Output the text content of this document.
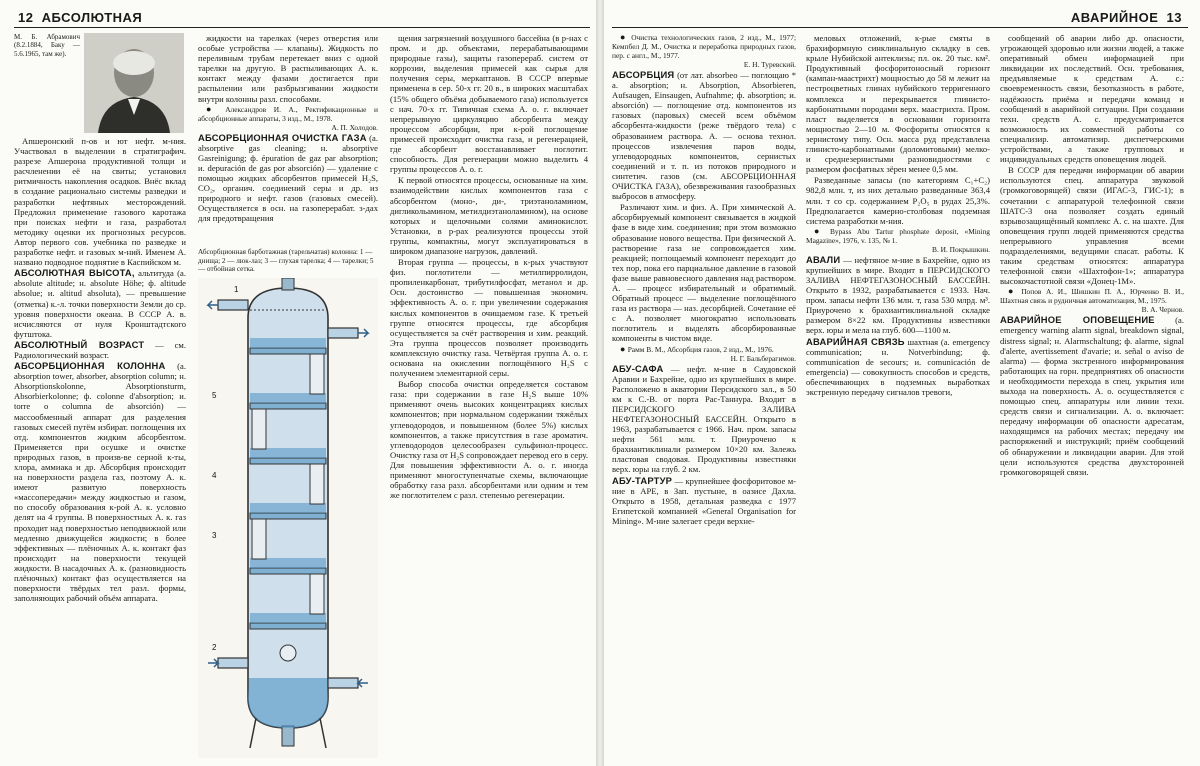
12 АБСОЛЮТНАЯ
М. Б. Абрамович (8.2.1884, Баку — 5.6.1965, там же).

Апшеронский п-ов и ют нефт. м-ния. Участвовал в выделении в стратиграфич. разрезе Апшерона продуктивной толщи и расчленении её на свиты; установил ритмичность накопления осадков. Внёс вклад в создание рационально системы разведки и разработки нефтяных месторождений. Предложил применение газового каротажа при поисках нефти и газа, разработал методику оценки их прогнозных ресурсов. Автор первого сов. учебника по разведке и разработке нефт. и газовых м-ний. Именем А. названо подводное поднятие в Каспийском м.

АБСОЛЮТНАЯ ВЫСОТА, альтитуда (а. absolute altitude; н. absolute Höhe; ф. altitude absolue; и. altitud absoluta), — превышение (отметка) к.-л. точки поверхности Земли до ср. уровня поверхности океана. В СССР А. в. исчисляются от нуля Кронштадтского футштока.

АБСОЛЮТНЫЙ ВОЗРАСТ — см. Радиологический возраст.

АБСОРБЦИОННАЯ КОЛОННА (а. absorption tower, absorber, absorption column; н. Absorptionskolonne, Absorptionsturm, Absorbierkolonne; ф. colonne d'absorption; и. torre o columna de absorción) — массообменный аппарат для разделения газовых смесей путём избират. поглощения их отд. компонентов жидким абсорбентом. Применяется при осушке и очистке природных газов, в произв-ве серной к-ты, хлора, аммиака и др. Абсорбция происходит на поверхности раздела газ, поэтому А. к. имеют развитую поверхность «массопередачи» между жидкостью и газом, по способу образования к-рой А. к. условно делят на 4 группы. В поверхностных А. к. газ проходит над поверхностью неподвижной или медленно движущейся жидкости; в более эффективных — плёночных А. к. контакт фаз происходит на поверхности текущей жидкости. В насадочных А. к. (разновидность плёночных) контакт фаз осуществляется на поверхности твёрдых тел разл. формы, заполняющих рабочий объём аппарата.

жидкости на тарелках (через отверстия или особые устройства — клапаны). Жидкость по переливным трубам перетекает вниз с одной тарелки на другую. В распыливающих А. к. контакт между фазами достигается при распылении или разбрызгивании жидкости внутри колонны разл. способами.

● Александров И. А., Ректификационные и абсорбционные аппараты, 3 изд., М., 1978.
А. П. Холодов.

АБСОРБЦИОННАЯ ОЧИСТКА ГАЗА (а. absorptive gas cleaning; н. absorptive Gasreinigung; ф. épuration de gaz par absorption; и. depuración de gas por absorción) — удаление с помощью жидких абсорбентов примесей H₂S, CO₂, органич. соединений серы и др. из природного и нефт. газов (газовых смесей). Осуществляется в осн. на газоперерабат. з-дах для предотвращения

Абсорбционная барботажная (тарельчатая) колонна: 1 — днища; 2 — люк-лаз; 3 — глухая тарелка; 4 — тарелки; 5 — отбойная сетка.
1
5
4
3
2

щения загрязнений воздушного бассейна (в р-нах с пром. и др. объектами, перерабатывающими природные газы), защиты газоперераб. систем от коррозии, выделения примесей как сырья для получения серы, меркаптанов. В СССР впервые применена в сер. 50-х гг. 20 в., в широких масштабах (15% общего объёма добываемого газа) используется с нач. 70-х гг. Типичная схема А. о. г. включает непрерывную циркуляцию абсорбента между процессом абсорбции, при к-рой поглощение примесей происходит очистка газа, и регенерацией, где абсорбент восстанавливает поглотит. способность. Для регенерации можно выделить 4 группы процессов А. о. г.

К первой относятся процессы, основанные на хим. взаимодействии кислых компонентов газа с абсорбентом (моно-, ди-, триэтаноламином, дигликольамином, метилдиэтаноламином), на основе которых и щелочными солями аминокислот. Установки, в р-рах реализуются процессы этой группы, компактны, могут эксплуатироваться в широком диапазоне нагрузок, давлений.

Вторая группа — процессы, в к-рых участвуют физ. поглотители — метилпирролидон, пропиленкарбонат, трибутилфосфат, метанол и др. Осн. достоинство — повышенная экономич. эффективность А. о. г. при увеличении содержания кислых компонентов в очищаемом газе. К третьей группе относятся процессы, где абсорбция осуществляется за счёт растворения и хим. реакций. Эта группа процессов позволяет производить комплексную очистку газа. Четвёртая группа А. о. г. основана на окислении поглощённого H₂S с получением элементарной серы.

Выбор способа очистки определяется составом газа: при содержании в газе H₂S выше 10% применяют очень высоких концентрациях кислых компонентов; при нормальном содержании тяжёлых углеводородов, и повышенном (более 5%) кислых компонентов, а также присутствия в газе ароматич. углеводородов целесообразен сульфинол-процесс. Очистку газа от H₂S сопровождает перевод его в серу. Для повышения эффективности А. о. г. иногда применяют многоступенчатые схемы, включающие обработку газа разл. абсорбентами или одним и тем же поглотителем с разл. степенью регенерации.

АВАРИЙНОЕ 13

● Очистка технологических газов, 2 изд., М., 1977; Кемпбел Д. М., Очистка и переработка природных газов, пер. с англ., М., 1977.
Е. Н. Туревский.

АБСОРБЦИЯ (от лат. absorbeo — поглощаю * а. absorption; н. Absorption, Absorbieren, Aufsaugen, Einsaugen, Aufnahme; ф. absorption; и. absorción) — поглощение отд. компонентов из газовых (паровых) смесей всем объёмом абсорбента-жидкости (реже твёрдого тела) с образованием раствора. А. — основа технол. процессов извлечения паров воды, углеводородных компонентов, сернистых соединений и т. п. из потоков природного и синтетич. газов (см. АБСОРБЦИОННАЯ ОЧИСТКА ГАЗА), обезвреживания газообразных выбросов в атмосферу.

Различают хим. и физ. А. При химической А. абсорбируемый компонент связывается в жидкой фазе в виде хим. соединения; при этом возможно образование нового вещества. При физической А. растворение газа не сопровождается хим. реакцией; поглощаемый компонент переходит до тех пор, пока его парциальное давление в газовой фазе выше равновесного давления над раствором. А. — процесс избирательный и обратимый. Обратный процесс — выделение поглощённого газа из раствора — наз. десорбцией. Сочетание её с А. позволяет многократно использовать поглотитель и выделять абсорбированные компоненты в чистом виде.

● Рамм В. М., Абсорбция газов, 2 изд., М., 1976.
Н. Г. Бальберагимов.

АБУ-САФА — нефт. м-ние в Саудовской Аравии и Бахрейне, одно из крупнейших в мире. Расположено в акватории Персидского зал., в 50 км к С.-В. от порта Рас-Таннура. Входит в ПЕРСИДСКОГО ЗАЛИВА НЕФТЕГАЗОНОСНЫЙ БАССЕЙН. Открыто в 1963, разрабатывается с 1966. Нач. пром. запасы нефти 561 млн. т. Приурочено к брахиантиклинали размером 10×20 км. Залежь пластовая сводовая. Продуктивны известняки верх. юры на глуб. 2 км.

АБУ-ТАРТУР — крупнейшее фосфоритовое м-ние в АРЕ, в Зап. пустыне, в оазисе Дахла. Открыто в 1958, детальная разведка с 1977 Египетской компанией «General Organisation for Mining». М-ние залегает среди верхне-

меловых отложений, к-рые смяты в брахиформную синклинальную складку в сев. крыле Нубийской антеклизы; пл. ок. 20 тыс. км². Продуктивный фосфоритоносный горизонт (кампан-маастрихт) мощностью до 58 м лежит на пестроцветных глинах нубийского терригенного комплекса и перекрывается глинисто-карбонатными породами верх. маастрихта. Пром. пласт выделяется в основании горизонта мощностью 2—10 м. Фосфориты относятся к зернистому типу. Осн. масса руд представлена глинисто-карбонатными (доломитовыми) мелко- и среднезернистыми разновидностями с размером фосфатных зёрен менее 0,5 мм.

Разведанные запасы (по категориям C₁+C₂) 982,8 млн. т, из них детально разведанные 363,4 млн. т со ср. содержанием P₂O₅ в рудах 25,3%. Предполагается камерно-столбовая подземная система разработки м-ния.

● Bypass Abu Tartur phosphate deposit, «Mining Magazine», 1976, v. 135, № 1.
В. И. Покрышкин.

АВАЛИ — нефтяное м-ние в Бахрейне, одно из крупнейших в мире. Входит в ПЕРСИДСКОГО ЗАЛИВА НЕФТЕГАЗОНОСНЫЙ БАССЕЙН. Открыто в 1932, разрабатывается с 1933. Нач. пром. запасы нефти 136 млн. т, газа 530 млрд. м³. Приурочено к брахиантиклинальной складке размером 8×22 км. Продуктивны известняки верх. юры и мела на глуб. 600—1100 м.

АВАРИЙНАЯ СВЯЗЬ шахтная (а. emergency communication; н. Notverbindung; ф. communication de secours; и. comunicación de emergencia) — совокупность способов и средств, обеспечивающих в подземных выработках экстренную передачу сигналов тревоги,

сообщений об аварии либо др. опасности, угрожающей здоровью или жизни людей, а также оперативный обмен информацией при ликвидации их последствий. Осн. требования, предъявляемые к средствам А. с.: своевременность связи, безотказность в работе, надёжность приёма и передачи команд и сообщений в аварийной ситуации. При создании техн. средств А. с. предусматривается возможность их совместной работы со специализир. автоматизир. диспетчерскими устройствами, а также групповых и индивидуальных средств оповещения людей.

В СССР для передачи информации об аварии используются спец. аппаратура звуковой (громкоговорящей) связи (ИГАС-3, ГИС-1); в сочетании с аппаратурой телефонной связи ШАТС-3 она позволяет создать единый взрывозащищённый комплекс А. с. на шахте. Для оповещения групп людей применяются средства непрерывного управления всеми подразделениями, ведущими спасат. работы. К таким средствам относятся: аппаратура телефонной связи «Шахтофон-1»; аппаратура высокочастотной связи «Донец-1М».

● Попов А. И., Шишкин П. А., Юрченко В. И., Шахтная связь и рудничная автоматизация, М., 1975.
В. А. Чернов.

АВАРИЙНОЕ ОПОВЕЩЕНИЕ (а. emergency warning alarm signal, breakdown signal, distress signal; н. Alarmschaltung; ф. alarme, signal d'alerte, avertissement d'avarie; и. señal o aviso de alarma) — форма экстренного информирования работающих на горн. предприятиях об опасности и необходимости перехода в спец. укрытия или выхода на поверхность. А. о. осуществляется с помощью спец. аппаратуры или линии техн. средств связи и сигнализации. А. о. включает: передачу информации об опасности адресатам, находящимся на рабочих местах; передачу им распоряжений и инструкций; приём сообщений об обнаружении и ликвидации аварии. Для этой цели используются средства двухсторонней громкоговорящей связи.
